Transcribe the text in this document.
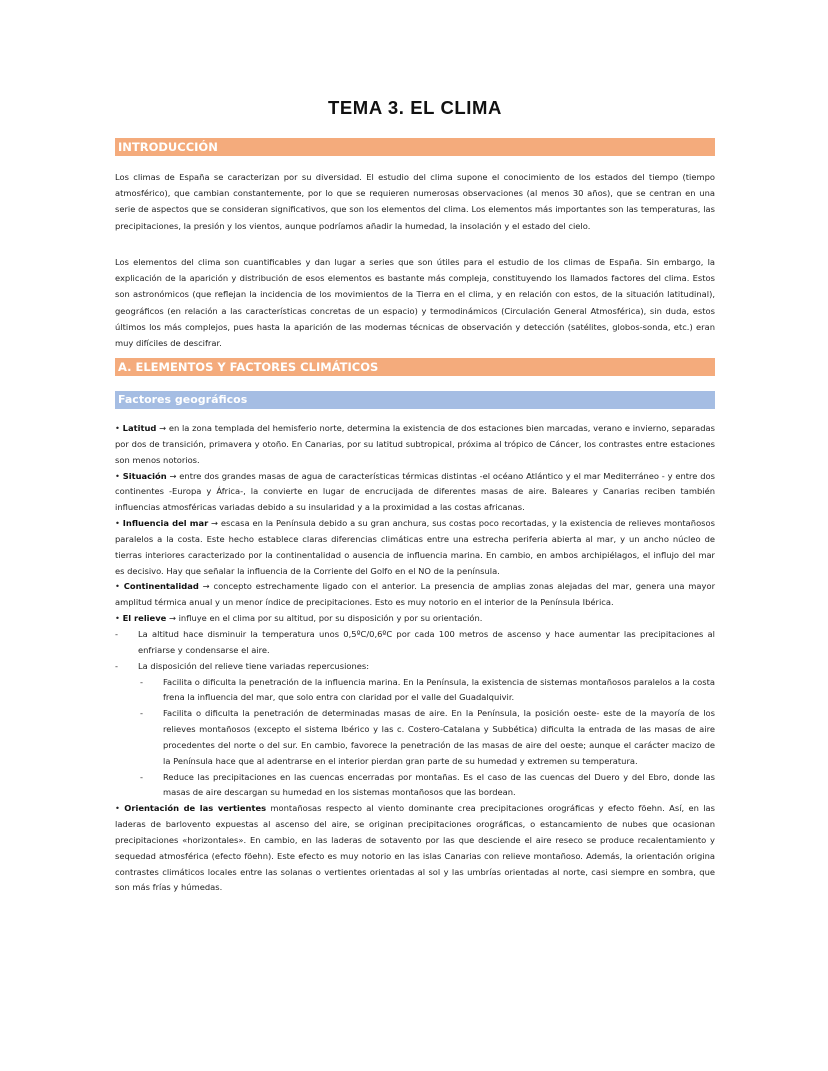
TEMA 3. EL CLIMA
INTRODUCCIÓN

Los climas de España se caracterizan por su diversidad. El estudio del clima supone el conocimiento de los estados del tiempo (tiempo atmosférico), que cambian constantemente, por lo que se requieren numerosas observaciones (al menos 30 años), que se centran en una serie de aspectos que se consideran significativos, que son los elementos del clima. Los elementos más importantes son las temperaturas, las precipitaciones, la presión y los vientos, aunque podríamos añadir la humedad, la insolación y el estado del cielo.

Los elementos del clima son cuantificables y dan lugar a series que son útiles para el estudio de los climas de España. Sin embargo, la explicación de la aparición y distribución de esos elementos es bastante más compleja, constituyendo los llamados factores del clima. Estos son astronómicos (que reflejan la incidencia de los movimientos de la Tierra en el clima, y en relación con estos, de la situación latitudinal), geográficos (en relación a las características concretas de un espacio) y termodinámicos (Circulación General Atmosférica), sin duda, estos últimos los más complejos, pues hasta la aparición de las modernas técnicas de observación y detección (satélites, globos-sonda, etc.) eran muy difíciles de descifrar.

A. ELEMENTOS Y FACTORES CLIMÁTICOS
Factores geográficos

• Latitud → en la zona templada del hemisferio norte, determina la existencia de dos estaciones bien marcadas, verano e invierno, separadas por dos de transición, primavera y otoño. En Canarias, por su latitud subtropical, próxima al trópico de Cáncer, los contrastes entre estaciones son menos notorios.

• Situación → entre dos grandes masas de agua de características térmicas distintas -el océano Atlántico y el mar Mediterráneo - y entre dos continentes -Europa y África-, la convierte en lugar de encrucijada de diferentes masas de aire. Baleares y Canarias reciben también influencias atmosféricas variadas debido a su insularidad y a la proximidad a las costas africanas.

• Influencia del mar → escasa en la Península debido a su gran anchura, sus costas poco recortadas, y la existencia de relieves montañosos paralelos a la costa. Este hecho establece claras diferencias climáticas entre una estrecha periferia abierta al mar, y un ancho núcleo de tierras interiores caracterizado por la continentalidad o ausencia de influencia marina. En cambio, en ambos archipiélagos, el influjo del mar es decisivo. Hay que señalar la influencia de la Corriente del Golfo en el NO de la península.

• Continentalidad → concepto estrechamente ligado con el anterior. La presencia de amplias zonas alejadas del mar, genera una mayor amplitud térmica anual y un menor índice de precipitaciones. Esto es muy notorio en el interior de la Península Ibérica.

• El relieve → influye en el clima por su altitud, por su disposición y por su orientación.

- La altitud hace disminuir la temperatura unos 0,5ºC/0,6ºC por cada 100 metros de ascenso y hace aumentar las precipitaciones al enfriarse y condensarse el aire.
- La disposición del relieve tiene variadas repercusiones:
- Facilita o dificulta la penetración de la influencia marina. En la Península, la existencia de sistemas montañosos paralelos a la costa frena la influencia del mar, que solo entra con claridad por el valle del Guadalquivir.
- Facilita o dificulta la penetración de determinadas masas de aire. En la Península, la posición oeste- este de la mayoría de los relieves montañosos (excepto el sistema Ibérico y las c. Costero-Catalana y Subbética) dificulta la entrada de las masas de aire procedentes del norte o del sur. En cambio, favorece la penetración de las masas de aire del oeste; aunque el carácter macizo de la Península hace que al adentrarse en el interior pierdan gran parte de su humedad y extremen su temperatura.
- Reduce las precipitaciones en las cuencas encerradas por montañas. Es el caso de las cuencas del Duero y del Ebro, donde las masas de aire descargan su humedad en los sistemas montañosos que las bordean.

• Orientación de las vertientes montañosas respecto al viento dominante crea precipitaciones orográficas y efecto föehn. Así, en las laderas de barlovento expuestas al ascenso del aire, se originan precipitaciones orográficas, o estancamiento de nubes que ocasionan precipitaciones «horizontales». En cambio, en las laderas de sotavento por las que desciende el aire reseco se produce recalentamiento y sequedad atmosférica (efecto föehn). Este efecto es muy notorio en las islas Canarias con relieve montañoso. Además, la orientación origina contrastes climáticos locales entre las solanas o vertientes orientadas al sol y las umbrías orientadas al norte, casi siempre en sombra, que son más frías y húmedas.
